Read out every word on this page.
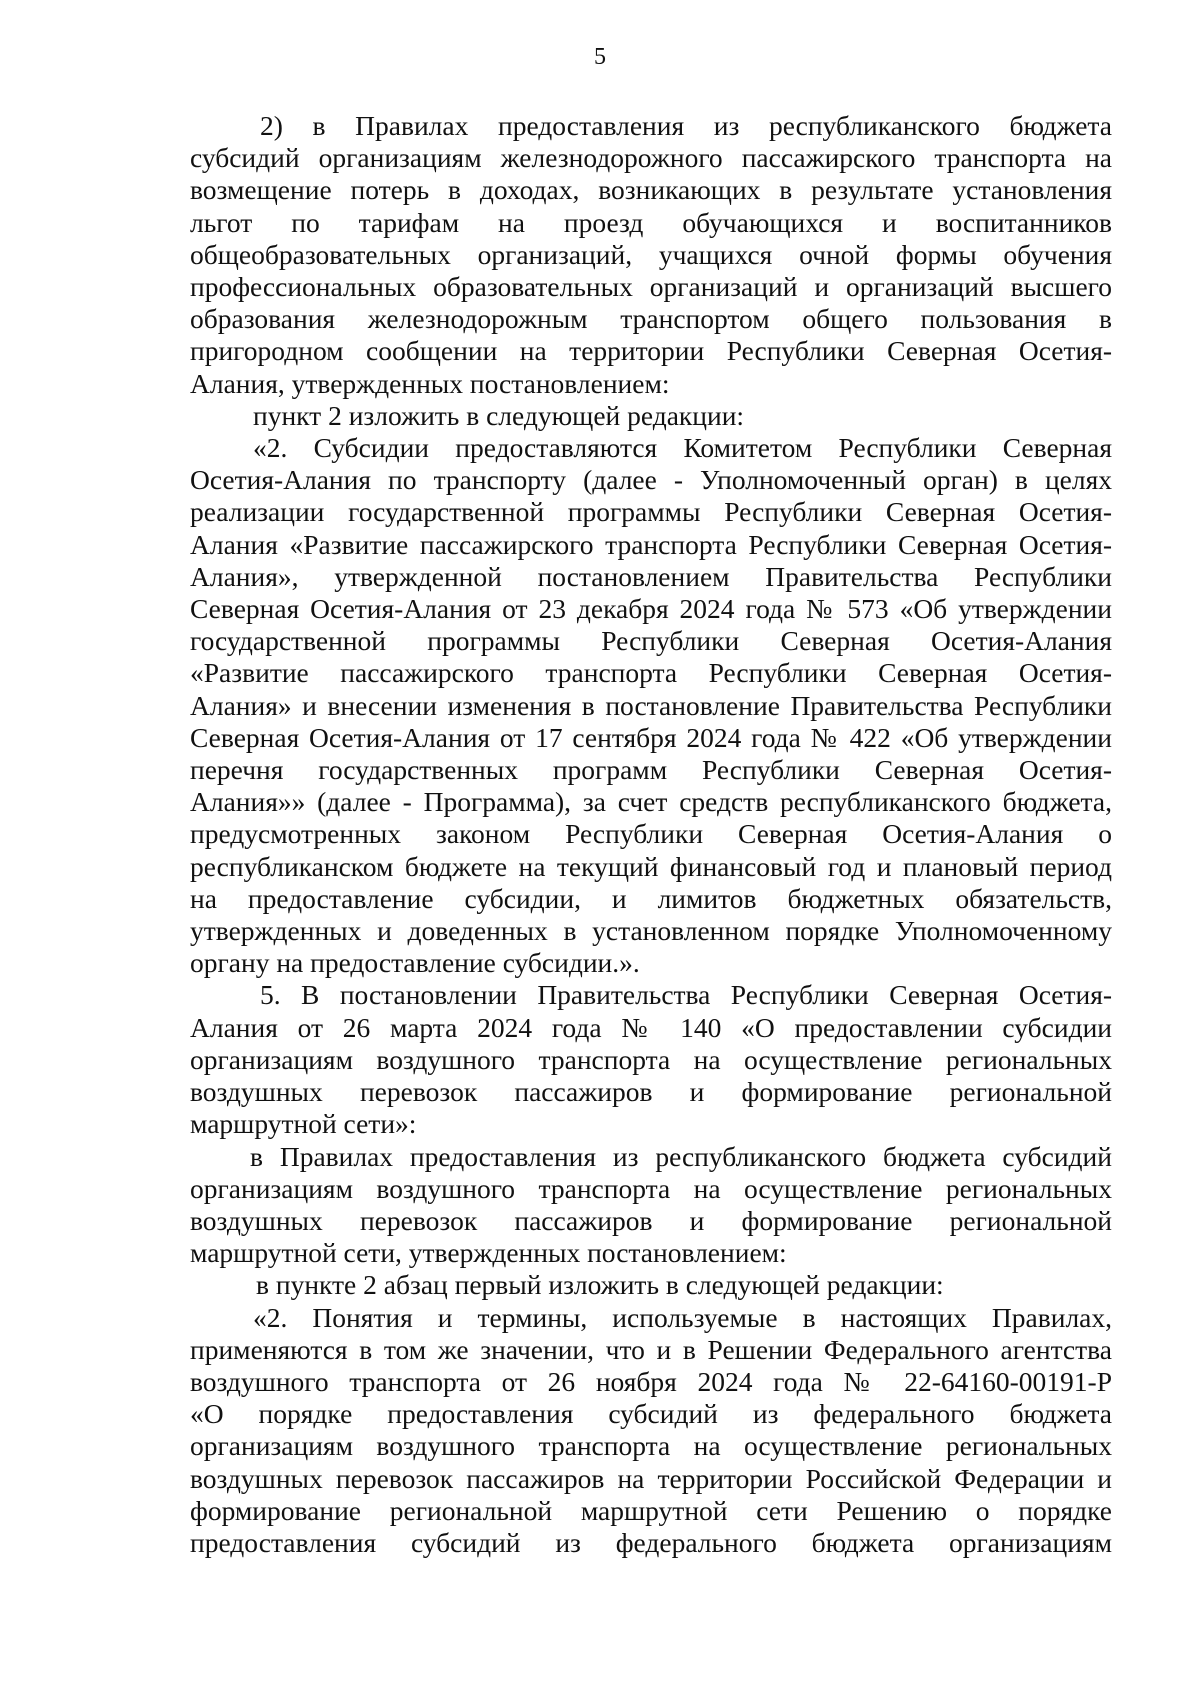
5

2) в Правилах предоставления из республиканского бюджета
субсидий организациям железнодорожного пассажирского транспорта на
возмещение потерь в доходах, возникающих в результате установления
льгот по тарифам на проезд обучающихся и воспитанников
общеобразовательных организаций, учащихся очной формы обучения
профессиональных образовательных организаций и организаций высшего
образования железнодорожным транспортом общего пользования в
пригородном сообщении на территории Республики Северная Осетия-
Алания, утвержденных постановлением:

пункт 2 изложить в следующей редакции:

«2. Субсидии предоставляются Комитетом Республики Северная
Осетия-Алания по транспорту (далее - Уполномоченный орган) в целях
реализации государственной программы Республики Северная Осетия-
Алания «Развитие пассажирского транспорта Республики Северная Осетия-
Алания», утвержденной постановлением Правительства Республики
Северная Осетия-Алания от 23 декабря 2024 года № 573 «Об утверждении
государственной программы Республики Северная Осетия-Алания
«Развитие пассажирского транспорта Республики Северная Осетия-
Алания» и внесении изменения в постановление Правительства Республики
Северная Осетия-Алания от 17 сентября 2024 года № 422 «Об утверждении
перечня государственных программ Республики Северная Осетия-
Алания»» (далее - Программа), за счет средств республиканского бюджета,
предусмотренных законом Республики Северная Осетия-Алания о
республиканском бюджете на текущий финансовый год и плановый период
на предоставление субсидии, и лимитов бюджетных обязательств,
утвержденных и доведенных в установленном порядке Уполномоченному
органу на предоставление субсидии.».

5. В постановлении Правительства Республики Северная Осетия-
Алания от 26 марта 2024 года № 140 «О предоставлении субсидии
организациям воздушного транспорта на осуществление региональных
воздушных перевозок пассажиров и формирование региональной
маршрутной сети»:

в Правилах предоставления из республиканского бюджета субсидий
организациям воздушного транспорта на осуществление региональных
воздушных перевозок пассажиров и формирование региональной
маршрутной сети, утвержденных постановлением:

в пункте 2 абзац первый изложить в следующей редакции:

«2. Понятия и термины, используемые в настоящих Правилах,
применяются в том же значении, что и в Решении Федерального агентства
воздушного транспорта от 26 ноября 2024 года № 22-64160-00191-Р
«О порядке предоставления субсидий из федерального бюджета
организациям воздушного транспорта на осуществление региональных
воздушных перевозок пассажиров на территории Российской Федерации и
формирование региональной маршрутной сети Решению о порядке
предоставления субсидий из федерального бюджета организациям
